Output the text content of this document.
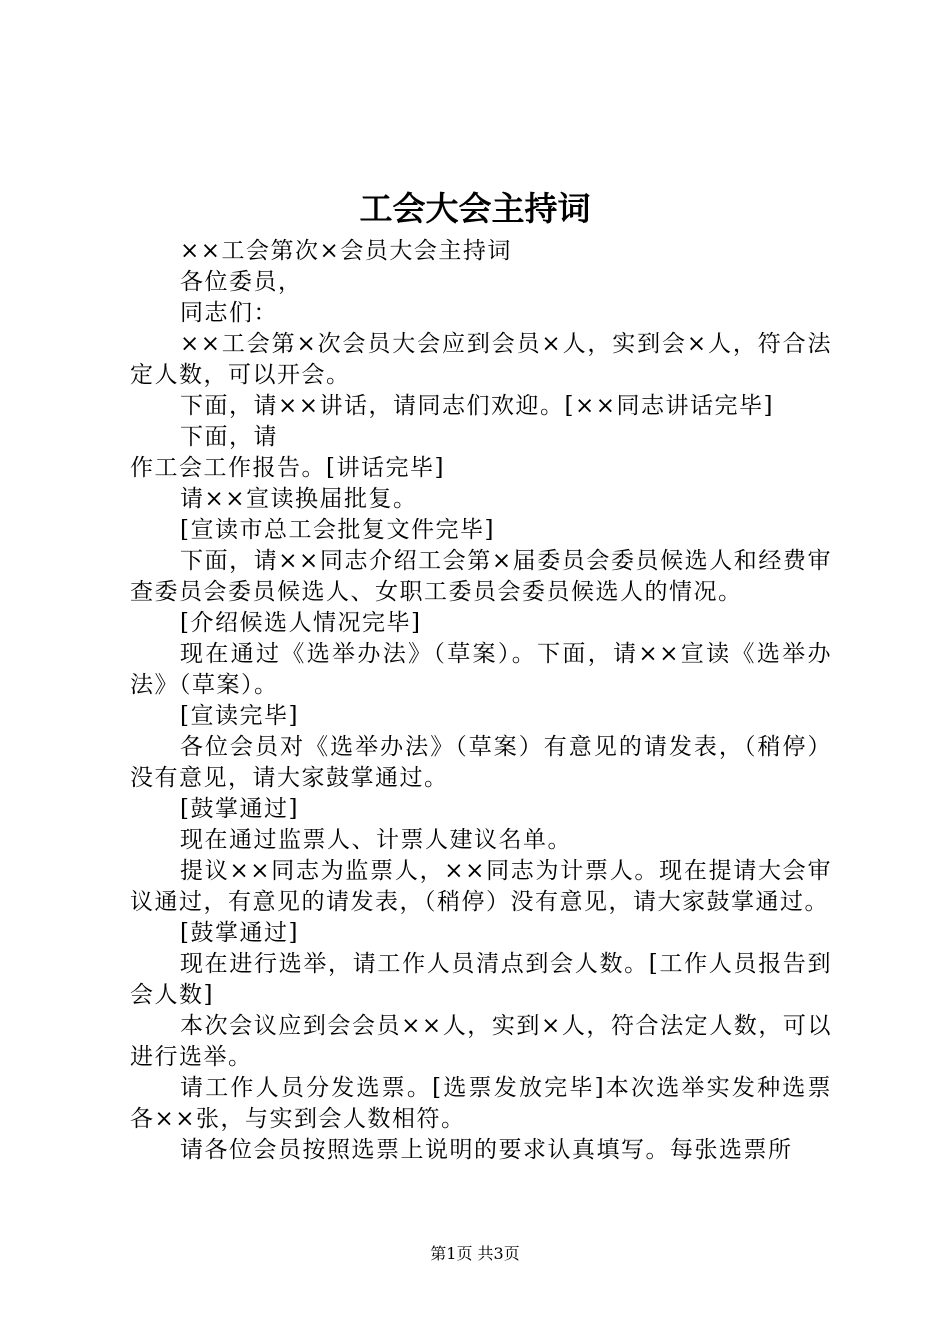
工会大会主持词

××工会第次×会员大会主持词

各位委员，

同志们：

××工会第×次会员大会应到会员×人，实到会×人，符合法定人数，可以开会。

下面，请××讲话，请同志们欢迎。[××同志讲话完毕]

下面，请

作工会工作报告。[讲话完毕]

请××宣读换届批复。

[宣读市总工会批复文件完毕]

下面，请××同志介绍工会第×届委员会委员候选人和经费审查委员会委员候选人、女职工委员会委员候选人的情况。

[介绍候选人情况完毕]

现在通过《选举办法》（草案）。下面，请××宣读《选举办法》（草案）。

[宣读完毕]

各位会员对《选举办法》（草案）有意见的请发表，（稍停）没有意见，请大家鼓掌通过。

[鼓掌通过]

现在通过监票人、计票人建议名单。

提议××同志为监票人，××同志为计票人。现在提请大会审议通过，有意见的请发表，（稍停）没有意见，请大家鼓掌通过。

[鼓掌通过]

现在进行选举，请工作人员清点到会人数。[工作人员报告到会人数]

本次会议应到会会员××人，实到×人，符合法定人数，可以进行选举。

请工作人员分发选票。[选票发放完毕]本次选举实发种选票各××张，与实到会人数相符。

请各位会员按照选票上说明的要求认真填写。每张选票所

第1页 共3页
